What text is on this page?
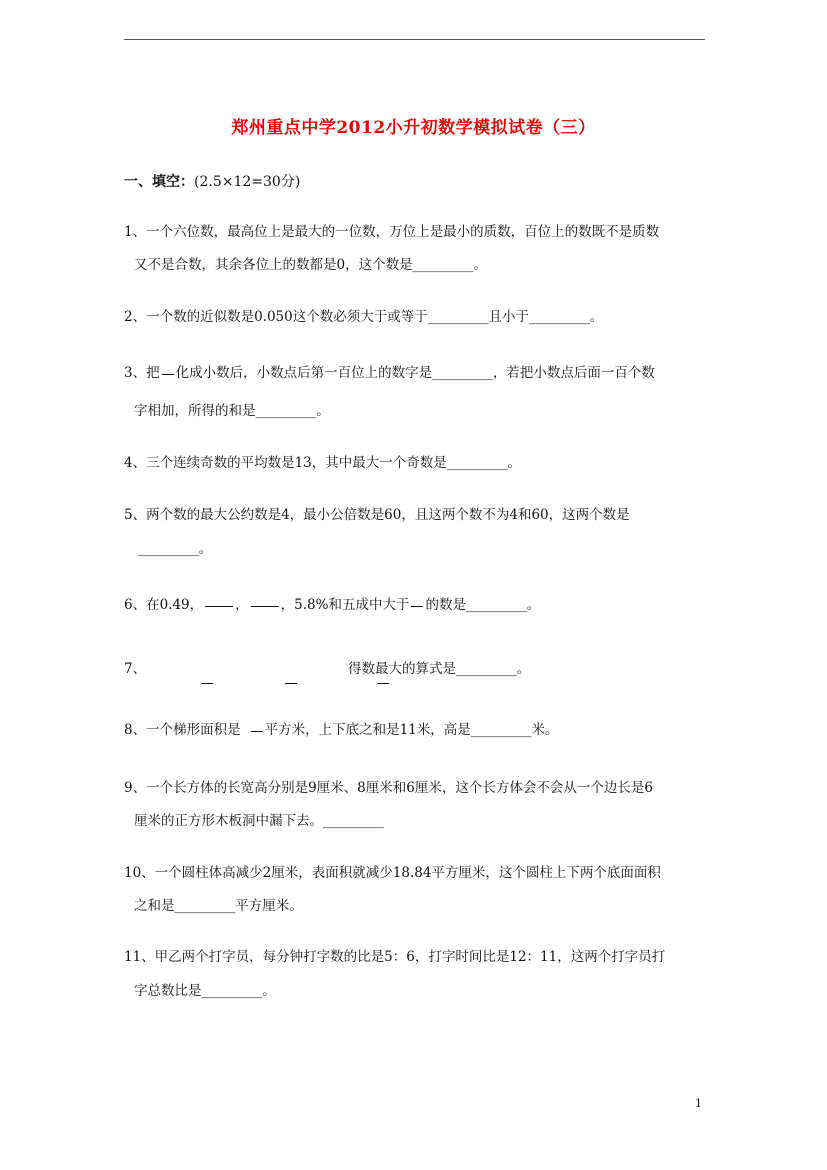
郑州重点中学2012小升初数学模拟试卷（三）
一、填空：(2.5×12=30分)
1、一个六位数，最高位上是最大的一位数，万位上是最小的质数，百位上的数既不是质数
又不是合数，其余各位上的数都是0，这个数是_________。
2、一个数的近似数是0.050这个数必须大于或等于_________且小于_________。
3、把 化成小数后，小数点后第一百位上的数字是_________，若把小数点后面一百个数
字相加，所得的和是_________。
4、三个连续奇数的平均数是13，其中最大一个奇数是_________。
5、两个数的最大公约数是4，最小公倍数是60，且这两个数不为4和60，这两个数是
_________。
6、在0.49， ， ，5.8%和五成中大于 的数是_________。
7、
	得数最大的算式是_________。
8、一个梯形面积是 平方米，上下底之和是11米，高是_________米。
9、一个长方体的长宽高分别是9厘米、8厘米和6厘米，这个长方体会不会从一个边长是6
厘米的正方形木板洞中漏下去。_________
10、一个圆柱体高减少2厘米，表面积就减少18.84平方厘米，这个圆柱上下两个底面面积
之和是_________平方厘米。
11、甲乙两个打字员，每分钟打字数的比是5：6，打字时间比是12：11，这两个打字员打
字总数比是_________。
1
